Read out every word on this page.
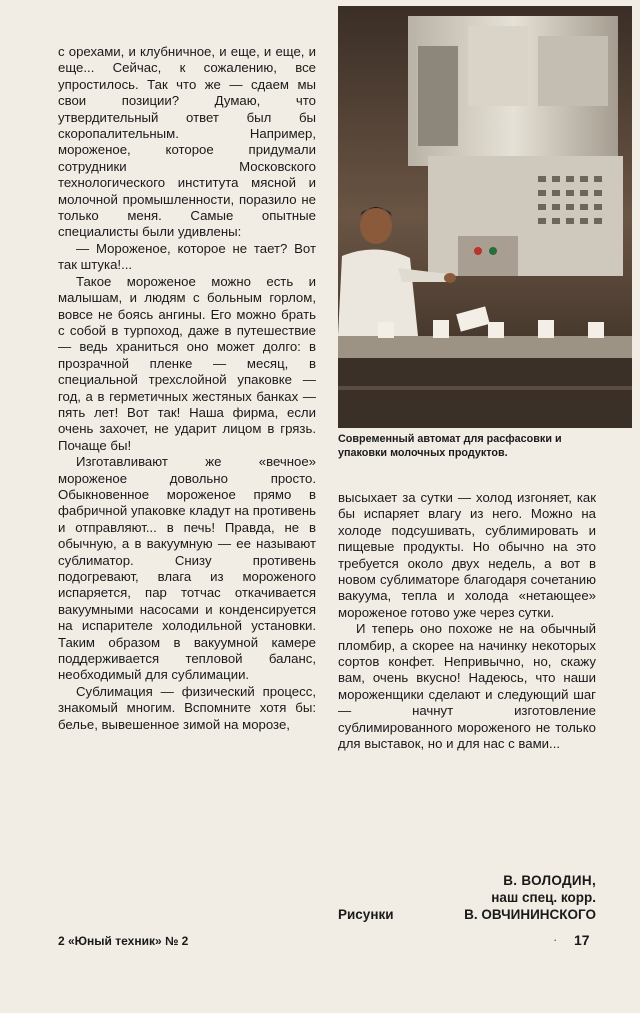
с орехами, и клубничное, и еще, и еще, и еще... Сейчас, к сожалению, все упростилось. Так что же — сдаем мы свои позиции? Думаю, что утвердительный ответ был бы скоропалительным. Например, мороженое, которое придумали сотрудники Московского технологического института мясной и молочной промышленности, поразило не только меня. Самые опытные специалисты были удивлены:

— Мороженое, которое не тает? Вот так штука!...

Такое мороженое можно есть и малышам, и людям с больным горлом, вовсе не боясь ангины. Его можно брать с собой в турпоход, даже в путешествие — ведь храниться оно может долго: в прозрачной пленке — месяц, в специальной трехслойной упаковке — год, а в герметичных жестяных банках — пять лет! Вот так! Наша фирма, если очень захочет, не ударит лицом в грязь. Почаще бы!

Изготавливают же «вечное» мороженое довольно просто. Обыкновенное мороженое прямо в фабричной упаковке кладут на противень и отправляют... в печь! Правда, не в обычную, а в вакуумную — ее называют сублиматор. Снизу противень подогревают, влага из мороженого испаряется, пар тотчас откачивается вакуумными насосами и конденсируется на испарителе холодильной установки. Таким образом в вакуумной камере поддерживается тепловой баланс, необходимый для сублимации.

Сублимация — физический процесс, знакомый многим. Вспомните хотя бы: белье, вывешенное зимой на морозе,

Современный автомат для расфасовки и упаковки молочных продуктов.

высыхает за сутки — холод изгоняет, как бы испаряет влагу из него. Можно на холоде подсушивать, сублимировать и пищевые продукты. Но обычно на это требуется около двух недель, а вот в новом сублиматоре благодаря сочетанию вакуума, тепла и холода «нетающее» мороженое готово уже через сутки.

И теперь оно похоже не на обычный пломбир, а скорее на начинку некоторых сортов конфет. Непривычно, но, скажу вам, очень вкусно! Надеюсь, что наши мороженщики сделают и следующий шаг — начнут изготовление сублимированного мороженого не только для выставок, но и для нас с вами...

В. ВОЛОДИН,
наш спец. корр.
Рисунки	В. ОВЧИНИНСКОГО
2 «Юный техник» № 2	· 17
